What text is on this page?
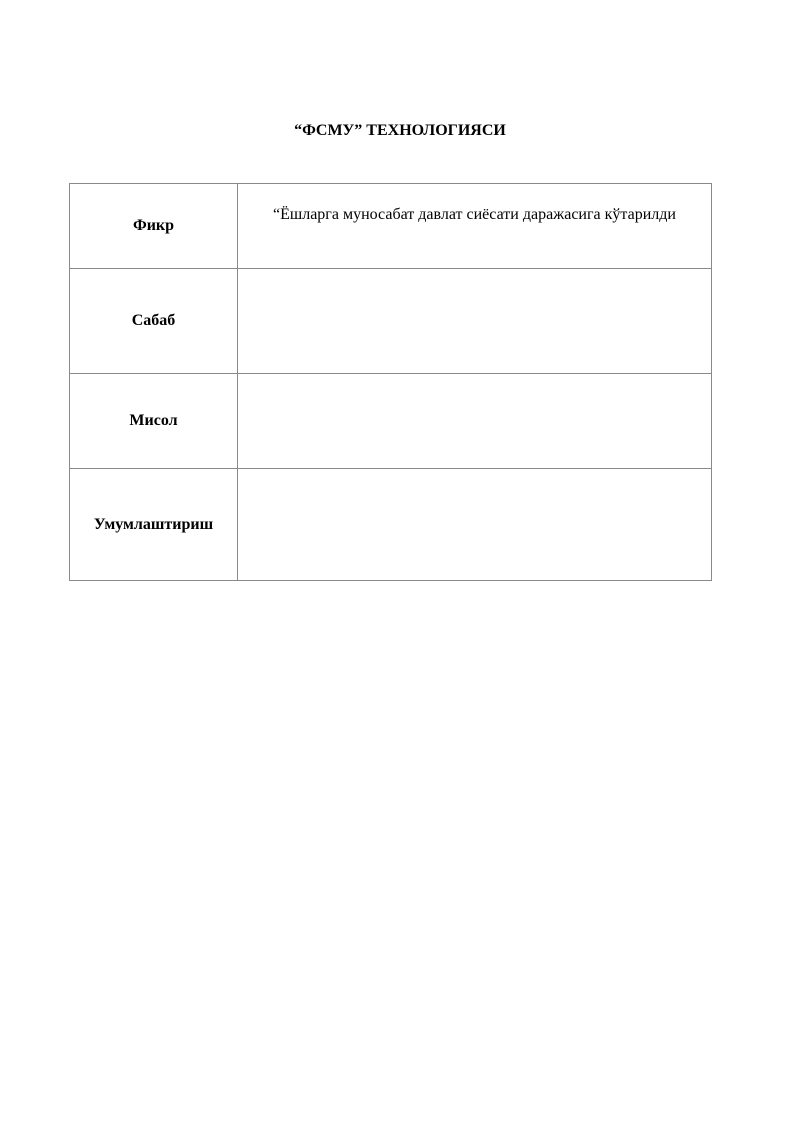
“ФСМУ” ТЕХНОЛОГИЯСИ
Фикр	“Ёшларга муносабат давлат сиёсати даражасига кўтарилди

Сабаб	

Мисол	

Умумлаштириш	
